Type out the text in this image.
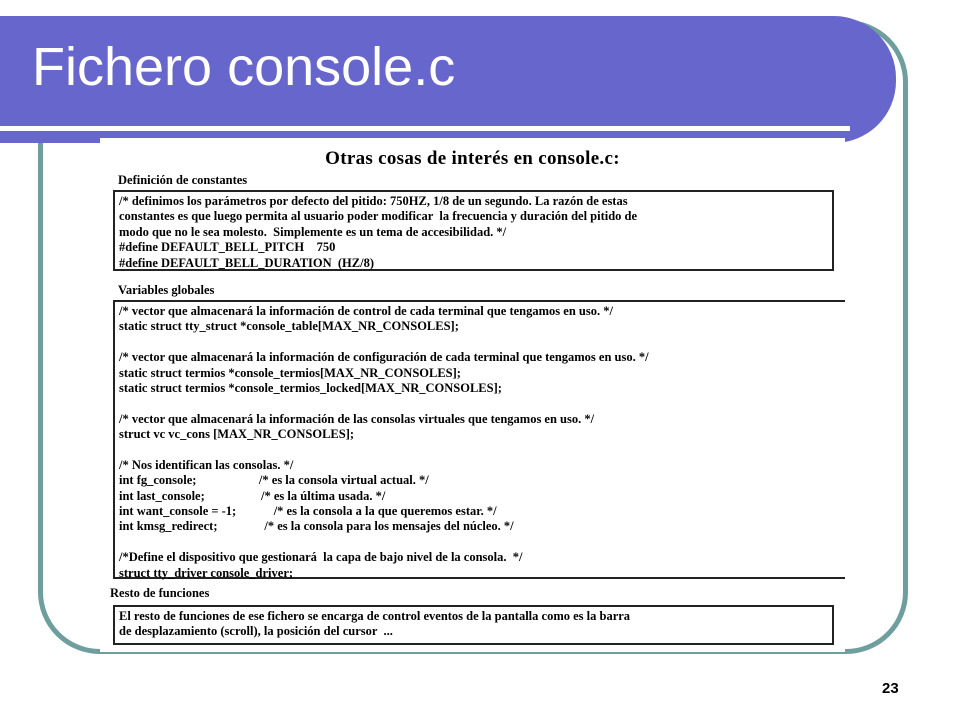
Fichero console.c
Otras cosas de interés en console.c:
Definición de constantes
/* definimos los parámetros por defecto del pitido: 750HZ, 1/8 de un segundo. La razón de estas
constantes es que luego permita al usuario poder modificar  la frecuencia y duración del pitido de
modo que no le sea molesto.  Simplemente es un tema de accesibilidad. */
#define DEFAULT_BELL_PITCH    750
#define DEFAULT_BELL_DURATION  (HZ/8)
Variables globales
/* vector que almacenará la información de control de cada terminal que tengamos en uso. */
static struct tty_struct *console_table[MAX_NR_CONSOLES];
/* vector que almacenará la información de configuración de cada terminal que tengamos en uso. */
static struct termios *console_termios[MAX_NR_CONSOLES];
static struct termios *console_termios_locked[MAX_NR_CONSOLES];
/* vector que almacenará la información de las consolas virtuales que tengamos en uso. */
struct vc vc_cons [MAX_NR_CONSOLES];
/* Nos identifican las consolas. */
int fg_console;                    /* es la consola virtual actual. */
int last_console;                  /* es la última usada. */
int want_console = -1;            /* es la consola a la que queremos estar. */
int kmsg_redirect;               /* es la consola para los mensajes del núcleo. */
/*Define el dispositivo que gestionará  la capa de bajo nivel de la consola.  */
struct tty_driver console_driver;
Resto de funciones
El resto de funciones de ese fichero se encarga de control eventos de la pantalla como es la barra
de desplazamiento (scroll), la posición del cursor  ...
23
